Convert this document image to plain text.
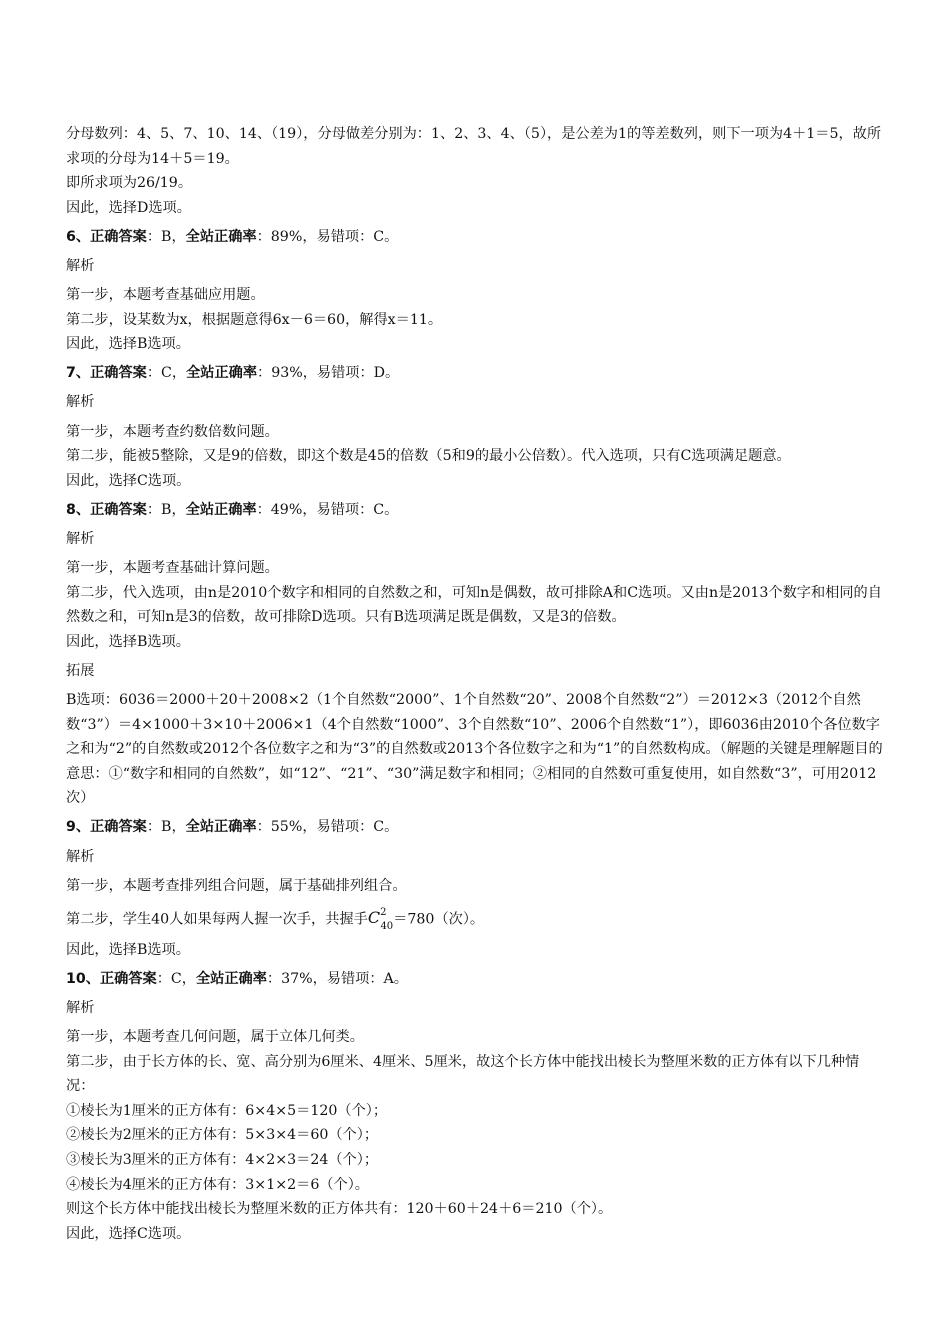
分母数列：4、5、7、10、14、（19），分母做差分别为：1、2、3、4、（5），是公差为1的等差数列，则下一项为4＋1＝5，故所求项的分母为14＋5＝19。

即所求项为26/19。

因此，选择D选项。

6、正确答案：B，全站正确率：89%，易错项：C。

解析

第一步，本题考查基础应用题。

第二步，设某数为x，根据题意得6x－6＝60，解得x＝11。

因此，选择B选项。

7、正确答案：C，全站正确率：93%，易错项：D。

解析

第一步，本题考查约数倍数问题。

第二步，能被5整除，又是9的倍数，即这个数是45的倍数（5和9的最小公倍数）。代入选项，只有C选项满足题意。

因此，选择C选项。

8、正确答案：B，全站正确率：49%，易错项：C。

解析

第一步，本题考查基础计算问题。

第二步，代入选项，由n是2010个数字和相同的自然数之和，可知n是偶数，故可排除A和C选项。又由n是2013个数字和相同的自然数之和，可知n是3的倍数，故可排除D选项。只有B选项满足既是偶数，又是3的倍数。

因此，选择B选项。

拓展

B选项：6036＝2000＋20＋2008×2（1个自然数“2000”、1个自然数“20”、2008个自然数“2”）＝2012×3（2012个自然数“3”）＝4×1000＋3×10＋2006×1（4个自然数“1000”、3个自然数“10”、2006个自然数“1”），即6036由2010个各位数字之和为“2”的自然数或2012个各位数字之和为“3”的自然数或2013个各位数字之和为“1”的自然数构成。（解题的关键是理解题目的意思：①“数字和相同的自然数”，如“12”、“21”、“30”满足数字和相同；②相同的自然数可重复使用，如自然数“3”，可用2012次）

9、正确答案：B，全站正确率：55%，易错项：C。

解析

第一步，本题考查排列组合问题，属于基础排列组合。

第二步，学生40人如果每两人握一次手，共握手$C^2_{40}=780$（次）。

因此，选择B选项。

10、正确答案：C，全站正确率：37%，易错项：A。

解析

第一步，本题考查几何问题，属于立体几何类。

第二步，由于长方体的长、宽、高分别为6厘米、4厘米、5厘米，故这个长方体中能找出棱长为整厘米数的正方体有以下几种情况：

①棱长为1厘米的正方体有：6×4×5＝120（个）；

②棱长为2厘米的正方体有：5×3×4＝60（个）；

③棱长为3厘米的正方体有：4×2×3＝24（个）；

④棱长为4厘米的正方体有：3×1×2＝6（个）。

则这个长方体中能找出棱长为整厘米数的正方体共有：120＋60＋24＋6＝210（个）。

因此，选择C选项。
